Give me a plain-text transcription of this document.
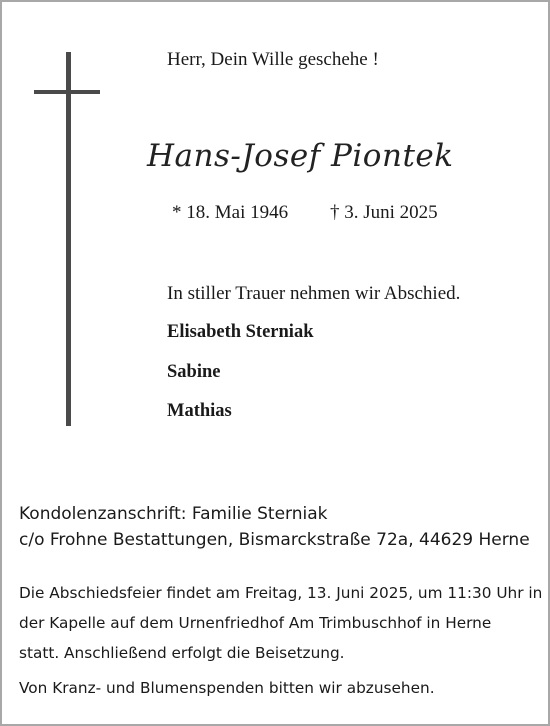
Herr, Dein Wille geschehe !
Hans-Josef Piontek
* 18. Mai 1946 † 3. Juni 2025
In stiller Trauer nehmen wir Abschied.
Elisabeth Sterniak
Sabine
Mathias
Kondolenzanschrift: Familie Sterniak
c/o Frohne Bestattungen, Bismarckstraße 72a, 44629 Herne
Die Abschiedsfeier findet am Freitag, 13. Juni 2025, um 11:30 Uhr in
der Kapelle auf dem Urnenfriedhof Am Trimbuschhof in Herne
statt. Anschließend erfolgt die Beisetzung.
Von Kranz- und Blumenspenden bitten wir abzusehen.
